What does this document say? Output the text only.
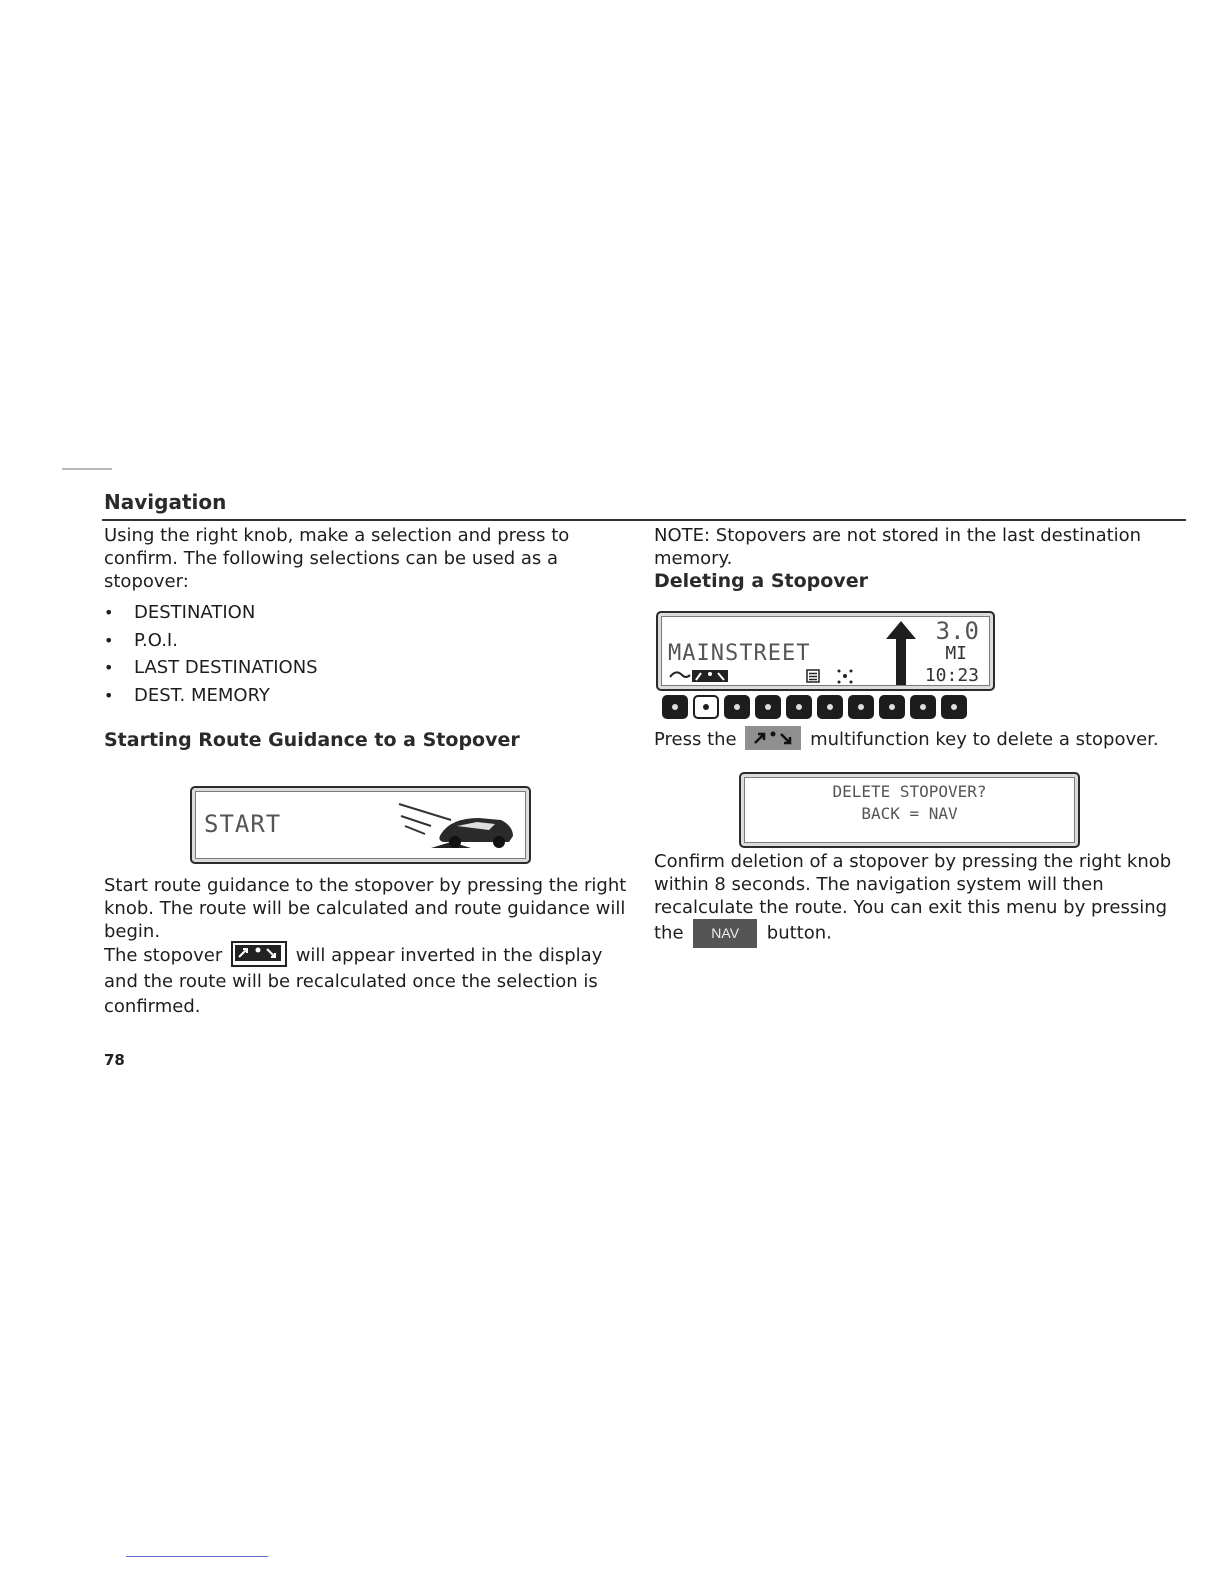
Navigation

Using the right knob, make a selection and press to confirm. The following selections can be used as a stopover:

• DESTINATION
• P.O.I.
• LAST DESTINATIONS
• DEST. MEMORY
Starting Route Guidance to a Stopover
START

Start route guidance to the stopover by pressing the right knob. The route will be calculated and route guidance will begin.

The stopover	will appear inverted in the display and the route will be recalculated once the selection is confirmed.

NOTE: Stopovers are not stored in the last destination memory.

Deleting a Stopover

MAINSTREET
3.0
MI
10:23

Press the	multifunction key to delete a stopover.

DELETE STOPOVER?
BACK = NAV

Confirm deletion of a stopover by pressing the right knob within 8 seconds. The navigation system will then recalculate the route. You can exit this menu by pressing the NAV button.

78
